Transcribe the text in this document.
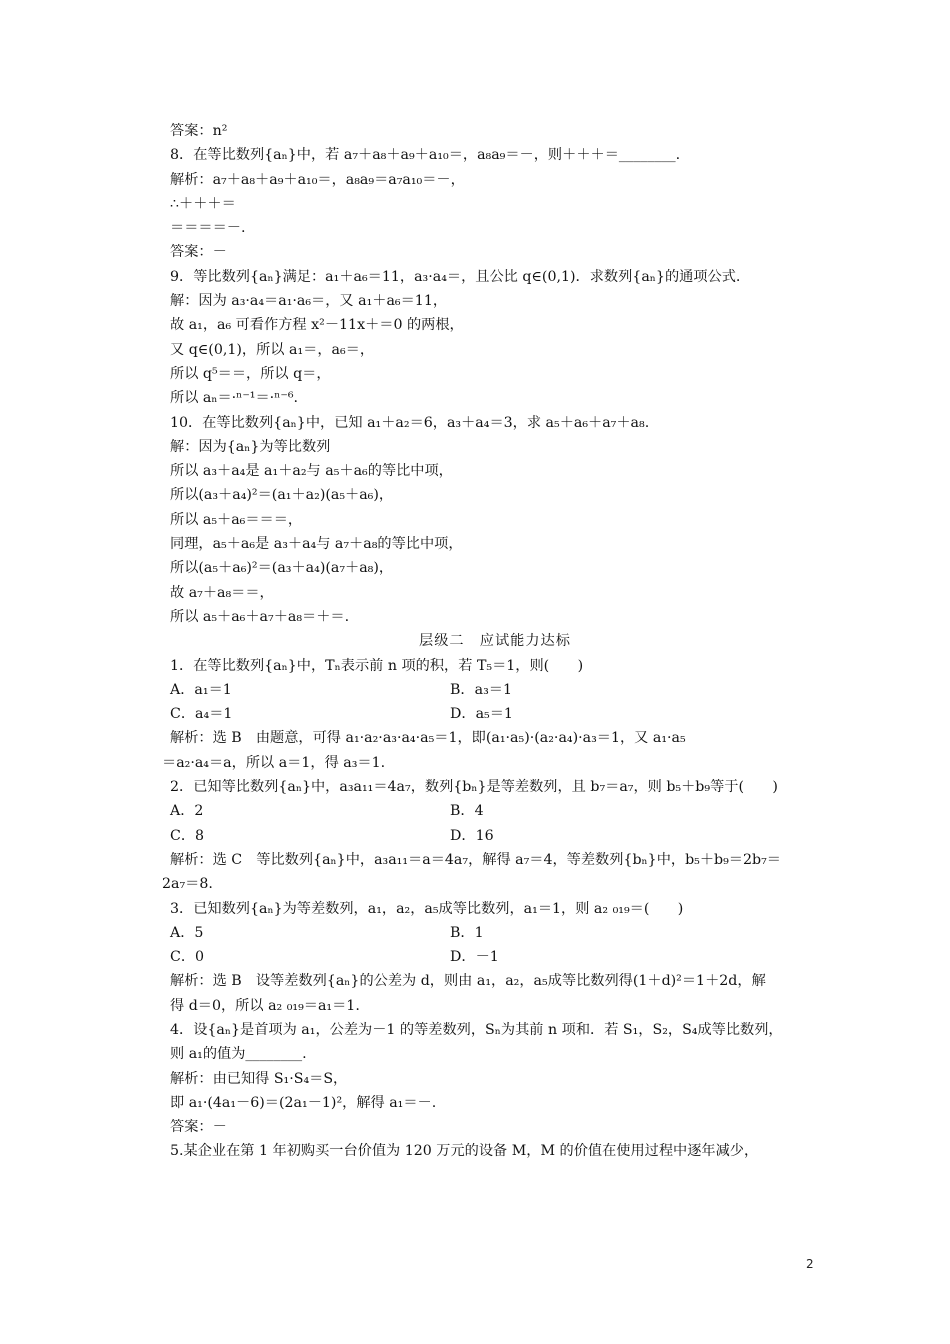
答案：n²
8．在等比数列{aₙ}中，若 a₇＋a₈＋a₉＋a₁₀＝，a₈a₉＝－，则＋＋＋＝________.
解析：a₇＋a₈＋a₉＋a₁₀＝，a₈a₉＝a₇a₁₀＝－，
∴＋＋＋＝
＝＝＝＝－.
答案：－
9．等比数列{aₙ}满足：a₁＋a₆＝11，a₃·a₄＝，且公比 q∈(0,1)．求数列{aₙ}的通项公式.
解：因为 a₃·a₄＝a₁·a₆＝，又 a₁＋a₆＝11，
故 a₁，a₆ 可看作方程 x²－11x＋＝0 的两根，
又 q∈(0,1)，所以 a₁＝，a₆＝，
所以 q⁵＝＝，所以 q＝，
所以 aₙ＝·ⁿ⁻¹＝·ⁿ⁻⁶.
10．在等比数列{aₙ}中，已知 a₁＋a₂＝6，a₃＋a₄＝3，求 a₅＋a₆＋a₇＋a₈.
解：因为{aₙ}为等比数列
所以 a₃＋a₄是 a₁＋a₂与 a₅＋a₆的等比中项，
所以(a₃＋a₄)²＝(a₁＋a₂)(a₅＋a₆)，
所以 a₅＋a₆＝＝＝，
同理，a₅＋a₆是 a₃＋a₄与 a₇＋a₈的等比中项，
所以(a₅＋a₆)²＝(a₃＋a₄)(a₇＋a₈)，
故 a₇＋a₈＝＝，
所以 a₅＋a₆＋a₇＋a₈＝＋＝.
层级二　应试能力达标
1．在等比数列{aₙ}中，Tₙ表示前 n 项的积，若 T₅＝1，则(　　)
A．a₁＝1	B．a₃＝1
C．a₄＝1	D．a₅＝1
解析：选 B　由题意，可得 a₁·a₂·a₃·a₄·a₅＝1，即(a₁·a₅)·(a₂·a₄)·a₃＝1，又 a₁·a₅
＝a₂·a₄＝a，所以 a＝1，得 a₃＝1.
2．已知等比数列{aₙ}中，a₃a₁₁＝4a₇，数列{bₙ}是等差数列，且 b₇＝a₇，则 b₅＋b₉等于(　　)
A．2	B．4
C．8	D．16
解析：选 C　等比数列{aₙ}中，a₃a₁₁＝a＝4a₇，解得 a₇＝4，等差数列{bₙ}中，b₅＋b₉＝2b₇＝
2a₇＝8.
3．已知数列{aₙ}为等差数列，a₁，a₂，a₅成等比数列，a₁＝1，则 a₂ ₀₁₉＝(　　)
A．5	B．1
C．0	D．－1
解析：选 B　设等差数列{aₙ}的公差为 d，则由 a₁，a₂，a₅成等比数列得(1＋d)²＝1＋2d，解
得 d＝0，所以 a₂ ₀₁₉＝a₁＝1.
4．设{aₙ}是首项为 a₁，公差为－1 的等差数列，Sₙ为其前 n 项和．若 S₁，S₂，S₄成等比数列，
则 a₁的值为________.
解析：由已知得 S₁·S₄＝S，
即 a₁·(4a₁－6)＝(2a₁－1)²，解得 a₁＝－.
答案：－
5.某企业在第 1 年初购买一台价值为 120 万元的设备 M，M 的价值在使用过程中逐年减少，
2
